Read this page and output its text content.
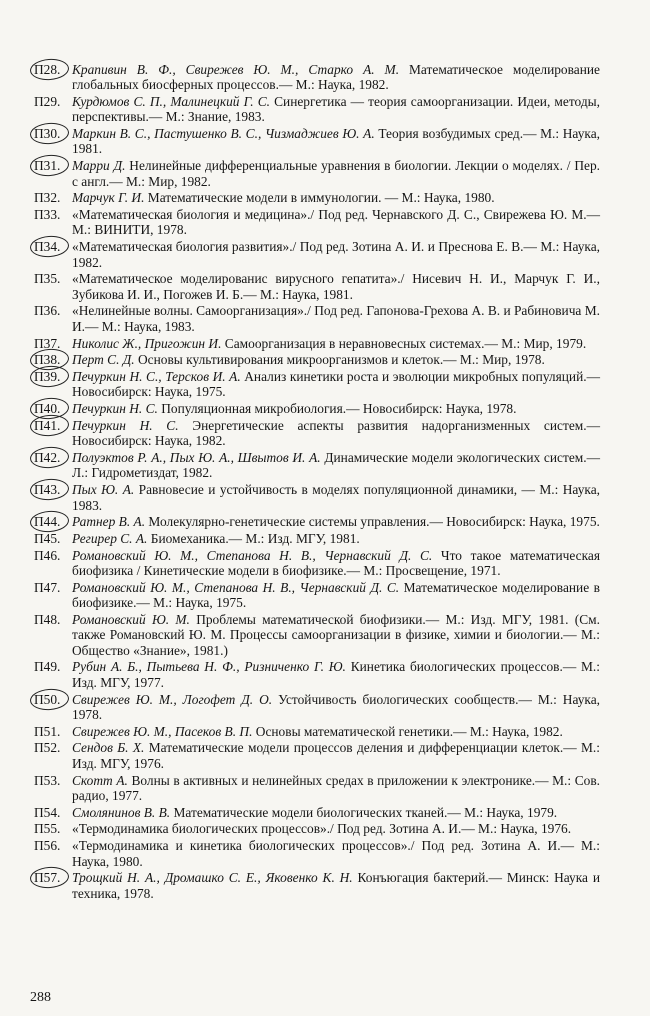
П28. Крапивин В. Ф., Свирежев Ю. М., Старко А. М. Математическое моделирование глобальных биосферных процессов.— М.: Наука, 1982.
П29. Курдюмов С. П., Малинецкий Г. С. Синергетика — теория самоорганизации. Идеи, методы, перспективы.— М.: Знание, 1983.
П30. Маркин В. С., Пастушенко В. С., Чизмаджиев Ю. А. Теория возбудимых сред.— М.: Наука, 1981.
П31. Марри Д. Нелинейные дифференциальные уравнения в биологии. Лекции о моделях. / Пер. с англ.— М.: Мир, 1982.
П32. Марчук Г. И. Математические модели в иммунологии. — М.: Наука, 1980.
П33. «Математическая биология и медицина»./ Под ред. Чернавского Д. С., Свирежева Ю. М.— М.: ВИНИТИ, 1978.
П34. «Математическая биология развития»./ Под ред. Зотина А. И. и Преснова Е. В.— М.: Наука, 1982.
П35. «Математическое моделированис вирусного гепатита»./ Нисевич Н. И., Марчук Г. И., Зубикова И. И., Погожев И. Б.— М.: Наука, 1981.
П36. «Нелинейные волны. Самоорганизация»./ Под ред. Гапонова-Грехова А. В. и Рабиновича М. И.— М.: Наука, 1983.
П37. Николис Ж., Пригожин И. Самоорганизация в неравновесных системах.— М.: Мир, 1979.
П38. Перт С. Д. Основы культивирования микроорганизмов и клеток.— М.: Мир, 1978.
П39. Печуркин Н. С., Терсков И. А. Анализ кинетики роста и эволюции микробных популяций.— Новосибирск: Наука, 1975.
П40. Печуркин Н. С. Популяционная микробиология.— Новосибирск: Наука, 1978.
П41. Печуркин Н. С. Энергетические аспекты развития надорганизменных систем.— Новосибирск: Наука, 1982.
П42. Полуэктов Р. А., Пых Ю. А., Швытов И. А. Динамические модели экологических систем.— Л.: Гидрометиздат, 1982.
П43. Пых Ю. А. Равновесие и устойчивость в моделях популяционной динамики, — М.: Наука, 1983.
П44. Ратнер В. А. Молекулярно-генетические системы управления.— Новосибирск: Наука, 1975.
П45. Регирер С. А. Биомеханика.— М.: Изд. МГУ, 1981.
П46. Романовский Ю. М., Степанова Н. В., Чернавский Д. С. Что такое математическая биофизика / Кинетические модели в биофизике.— М.: Просвещение, 1971.
П47. Романовский Ю. М., Степанова Н. В., Чернавский Д. С. Математическое моделирование в биофизике.— М.: Наука, 1975.
П48. Романовский Ю. М. Проблемы математической биофизики.— М.: Изд. МГУ, 1981. (См. также Романовский Ю. М. Процессы самоорганизации в физике, химии и биологии.— М.: Общество «Знание», 1981.)
П49. Рубин А. Б., Пытьева Н. Ф., Ризниченко Г. Ю. Кинетика биологических процессов.— М.: Изд. МГУ, 1977.
П50. Свирежев Ю. М., Логофет Д. О. Устойчивость биологических сообществ.— М.: Наука, 1978.
П51. Свирежев Ю. М., Пасеков В. П. Основы математической генетики.— М.: Наука, 1982.
П52. Сендов Б. Х. Математические модели процессов деления и дифференциации клеток.— М.: Изд. МГУ, 1976.
П53. Скотт А. Волны в активных и нелинейных средах в приложении к электронике.— М.: Сов. радио, 1977.
П54. Смолянинов В. В. Математические модели биологических тканей.— М.: Наука, 1979.
П55. «Термодинамика биологических процессов»./ Под ред. Зотина А. И.— М.: Наука, 1976.
П56. «Термодинамика и кинетика биологических процессов»./ Под ред. Зотина А. И.— М.: Наука, 1980.
П57. Трощкий Н. А., Дромашко С. Е., Яковенко К. Н. Конъюгация бактерий.— Минск: Наука и техника, 1978.
288
